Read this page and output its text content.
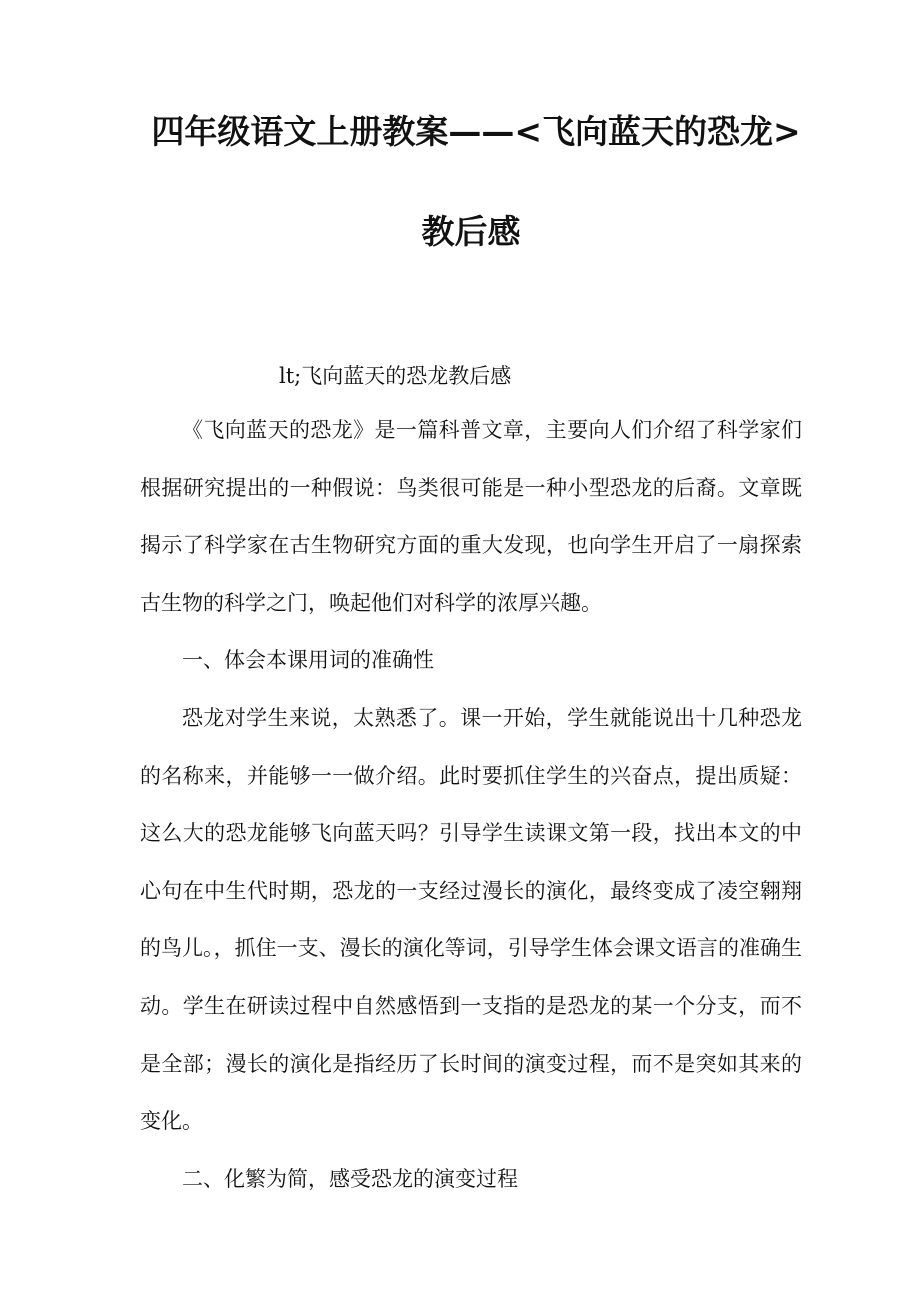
四年级语文上册教案——<飞向蓝天的恐龙>
教后感

lt;飞向蓝天的恐龙教后感

《飞向蓝天的恐龙》是一篇科普文章，主要向人们介绍了科学家们根据研究提出的一种假说：鸟类很可能是一种小型恐龙的后裔。文章既揭示了科学家在古生物研究方面的重大发现，也向学生开启了一扇探索古生物的科学之门，唤起他们对科学的浓厚兴趣。

一、体会本课用词的准确性

恐龙对学生来说，太熟悉了。课一开始，学生就能说出十几种恐龙的名称来，并能够一一做介绍。此时要抓住学生的兴奋点，提出质疑：这么大的恐龙能够飞向蓝天吗？引导学生读课文第一段，找出本文的中心句在中生代时期，恐龙的一支经过漫长的演化，最终变成了凌空翱翔的鸟儿。，抓住一支、漫长的演化等词，引导学生体会课文语言的准确生动。学生在研读过程中自然感悟到一支指的是恐龙的某一个分支，而不是全部；漫长的演化是指经历了长时间的演变过程，而不是突如其来的变化。

二、化繁为简，感受恐龙的演变过程
